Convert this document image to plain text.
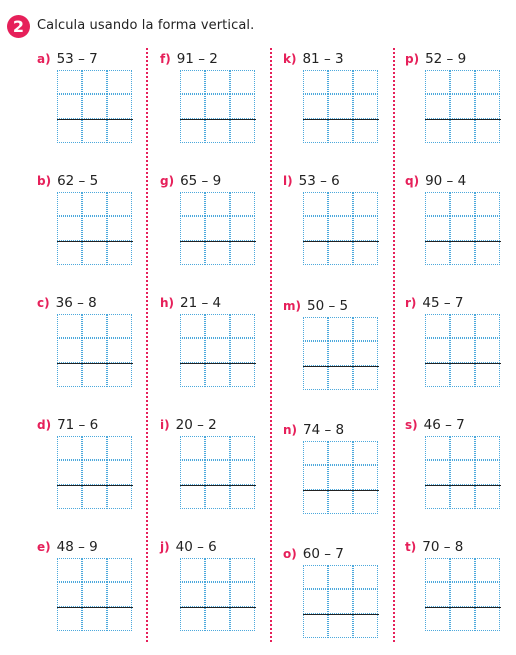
2 Calcula usando la forma vertical.
a) 53 – 7
b) 62 – 5
c) 36 – 8
d) 71 – 6
e) 48 – 9
f) 91 – 2
g) 65 – 9
h) 21 – 4
i) 20 – 2
j) 40 – 6
k) 81 – 3
l) 53 – 6
m) 50 – 5
n) 74 – 8
o) 60 – 7
p) 52 – 9
q) 90 – 4
r) 45 – 7
s) 46 – 7
t) 70 – 8
